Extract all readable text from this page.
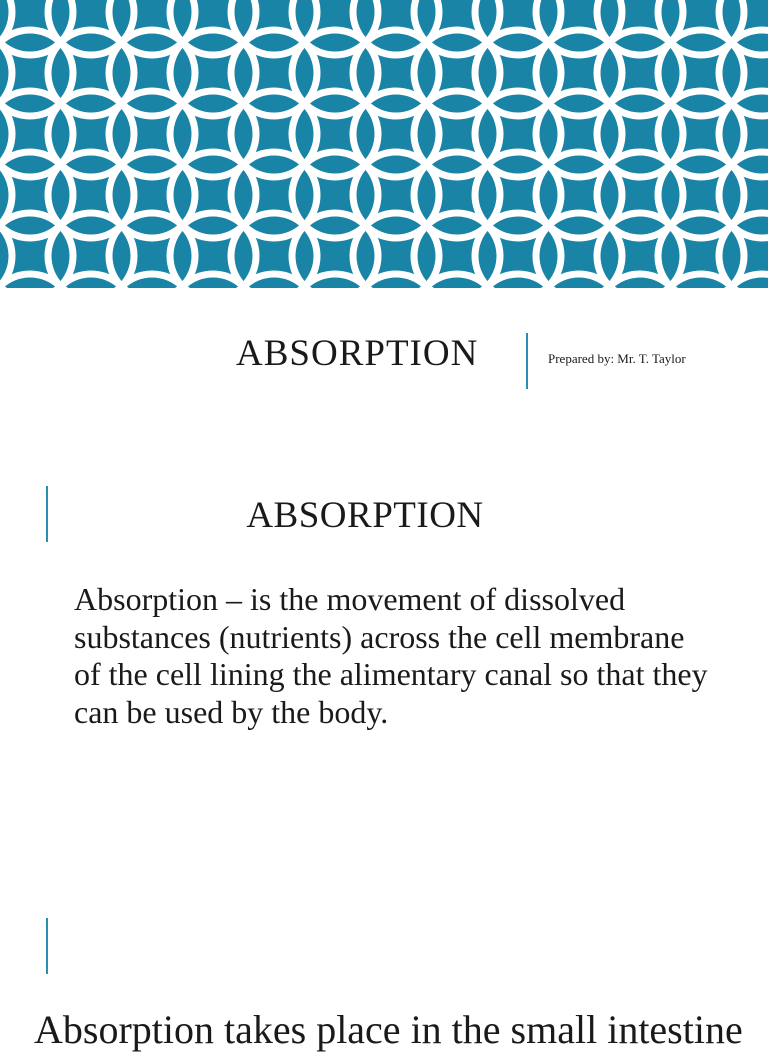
ABSORPTION	Prepared by: Mr. T. Taylor
ABSORPTION

Absorption – is the movement of dissolved substances (nutrients) across the cell membrane of the cell lining the alimentary canal so that they can be used by the body.

Absorption takes place in the small intestine
